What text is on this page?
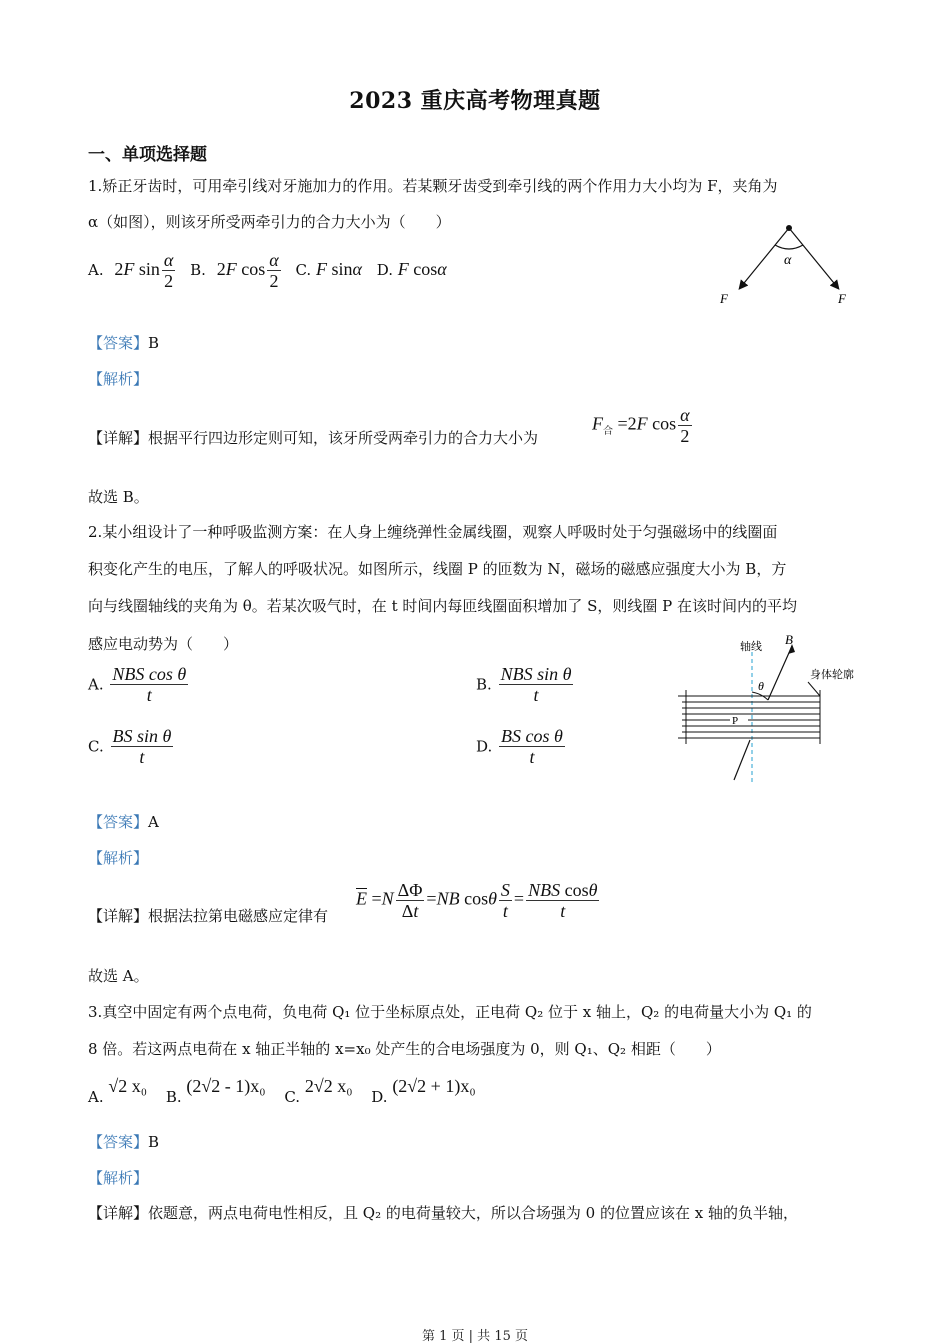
2023 重庆高考物理真题
一、单项选择题
1.矫正牙齿时，可用牵引线对牙施加力的作用。若某颗牙齿受到牵引线的两个作用力大小均为 F，夹角为
α（如图），则该牙所受两牵引力的合力大小为（　　）
A. 2F $\sin \frac{\alpha}{2} B$. 2F $\cos \frac{\alpha}{2} C$. F sinα D. F cosα	α
F	F
【答案】B
【解析】
【详解】根据平行四边形定则可知，该牙所受两牵引力的合力大小为
$F_合 =2F$ $\cos \frac{\alpha}{2}$
故选 B。
2.某小组设计了一种呼吸监测方案：在人身上缠绕弹性金属线圈，观察人呼吸时处于匀强磁场中的线圈面
积变化产生的电压，了解人的呼吸状况。如图所示，线圈 P 的匝数为 N，磁场的磁感应强度大小为 B，方
向与线圈轴线的夹角为 θ。若某次吸气时，在 t 时间内每匝线圈面积增加了 S，则线圈 P 在该时间内的平均
感应电动势为（　　）
A. $\frac{\text{NBS cos θ}}{t}$	B. $\frac{\text{NBS sin θ}}{t}$
C. $\frac{\text{BS sin θ}}{t}$	D. $\frac{\text{BS cos θ}}{t}$
轴线 B
θ
身体轮廓
P
【答案】A
【解析】
【详解】根据法拉第电磁感应定律有
$\overline{E} =N \frac{\Delta\Phi}{\Delta t} =NB$ cosθ $\frac{S}{t} = \frac{\text{NBS cosθ}}{t}$
故选 A。
3.真空中固定有两个点电荷，负电荷 Q₁ 位于坐标原点处，正电荷 Q₂ 位于 x 轴上，Q₂ 的电荷量大小为 Q₁ 的
8 倍。若这两点电荷在 x 轴正半轴的 x=x₀ 处产生的合电场强度为 0，则 Q₁、Q₂ 相距（　　）
A. √2 x₀ B. (2√2 - 1)x₀ C. 2√2 x₀ D. (2√2 + 1)x₀
【答案】B
【解析】
【详解】依题意，两点电荷电性相反，且 Q₂ 的电荷量较大，所以合场强为 0 的位置应该在 x 轴的负半轴，
第 1 页 | 共 15 页
